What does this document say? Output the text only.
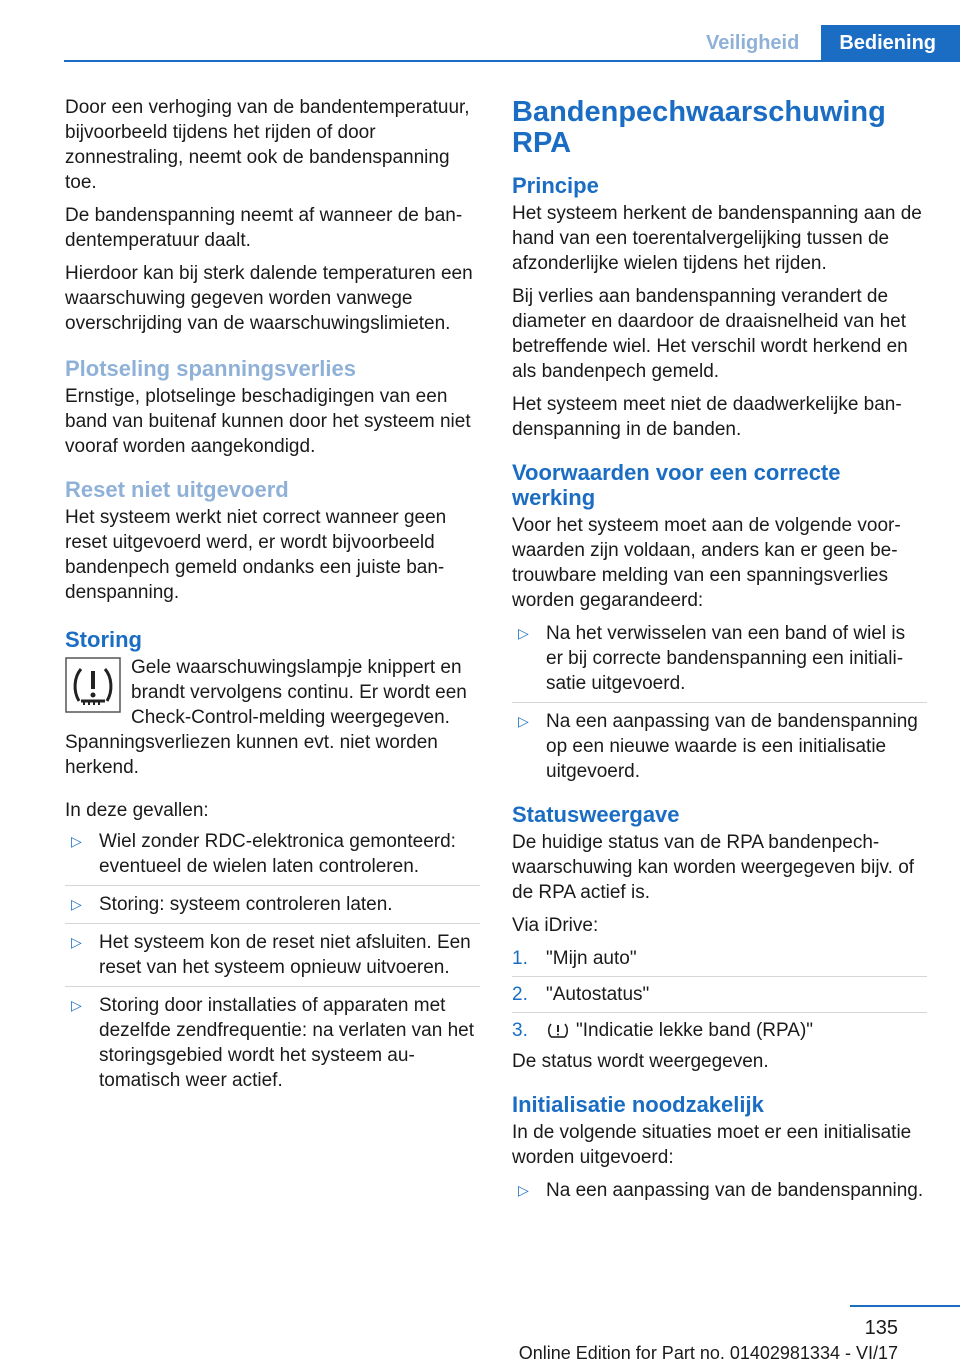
Veiligheid	Bediening

Door een verhoging van de bandentemperatuur, bijvoorbeeld tijdens het rijden of door zonnestraling, neemt ook de bandenspanning toe.

De bandenspanning neemt af wanneer de bandentemperatuur daalt.

Hierdoor kan bij sterk dalende temperaturen een waarschuwing gegeven worden vanwege overschrijding van de waarschuwingslimieten.

Plotseling spanningsverlies

Ernstige, plotselinge beschadigingen van een band van buitenaf kunnen door het systeem niet vooraf worden aangekondigd.

Reset niet uitgevoerd

Het systeem werkt niet correct wanneer geen reset uitgevoerd werd, er wordt bijvoorbeeld bandenpech gemeld ondanks een juiste bandenspanning.

Storing

Gele waarschuwingslampje knippert en brandt vervolgens continu. Er wordt een Check-Control-melding weergegeven. Spanningsverliezen kunnen evt. niet worden herkend.

In deze gevallen:

▷ Wiel zonder RDC-elektronica gemonteerd: eventueel de wielen laten controleren.
▷ Storing: systeem controleren laten.
▷ Het systeem kon de reset niet afsluiten. Een reset van het systeem opnieuw uitvoeren.
▷ Storing door installaties of apparaten met dezelfde zendfrequentie: na verlaten van het storingsgebied wordt het systeem automatisch weer actief.
Bandenpechwaarschuwing RPA
Principe

Het systeem herkent de bandenspanning aan de hand van een toerentalvergelijking tussen de afzonderlijke wielen tijdens het rijden.

Bij verlies aan bandenspanning verandert de diameter en daardoor de draaisnelheid van het betreffende wiel. Het verschil wordt herkend en als bandenpech gemeld.

Het systeem meet niet de daadwerkelijke bandenspanning in de banden.

Voorwaarden voor een correcte werking

Voor het systeem moet aan de volgende voorwaarden zijn voldaan, anders kan er geen betrouwbare melding van een spanningsverlies worden gegarandeerd:

▷ Na het verwisselen van een band of wiel is er bij correcte bandenspanning een initialisatie uitgevoerd.
▷ Na een aanpassing van de bandenspanning op een nieuwe waarde is een initialisatie uitgevoerd.
Statusweergave

De huidige status van de RPA bandenpechwaarschuwing kan worden weergegeven bijv. of de RPA actief is.

Via iDrive:

1. "Mijn auto"
2. "Autostatus"
3.	"Indicatie lekke band (RPA)"

De status wordt weergegeven.

Initialisatie noodzakelijk

In de volgende situaties moet er een initialisatie worden uitgevoerd:

▷ Na een aanpassing van de bandenspanning.
135
Online Edition for Part no. 01402981334 - VI/17
